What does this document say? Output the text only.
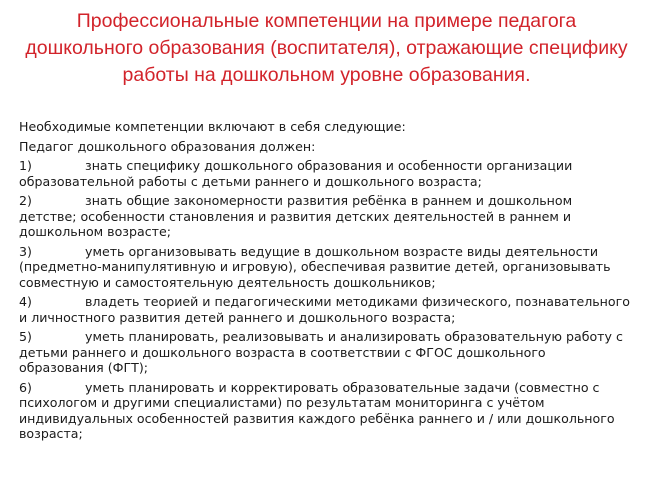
Профессиональные компетенции на примере педагога дошкольного образования (воспитателя), отражающие специфику работы на дошкольном уровне образования.

Необходимые компетенции включают в себя следующие:

Педагог дошкольного образования должен:

1)	знать специфику дошкольного образования и особенности организации образовательной работы с детьми раннего и дошкольного возраста;

2)	знать общие закономерности развития ребёнка в раннем и дошкольном детстве; особенности становления и развития детских деятельностей в раннем и дошкольном возрасте;

3)	уметь организовывать ведущие в дошкольном возрасте виды деятельности (предметно-манипулятивную и игровую), обеспечивая развитие детей, организовывать совместную и самостоятельную деятельность дошкольников;

4)	владеть теорией и педагогическими методиками физического, познавательного и личностного развития детей раннего и дошкольного возраста;

5)	уметь планировать, реализовывать и анализировать образовательную работу с детьми раннего и дошкольного возраста в соответствии с ФГОС дошкольного образования (ФГТ);

6)	уметь планировать и корректировать образовательные задачи (совместно с психологом и другими специалистами) по результатам мониторинга с учётом индивидуальных особенностей развития каждого ребёнка раннего и / или дошкольного возраста;
